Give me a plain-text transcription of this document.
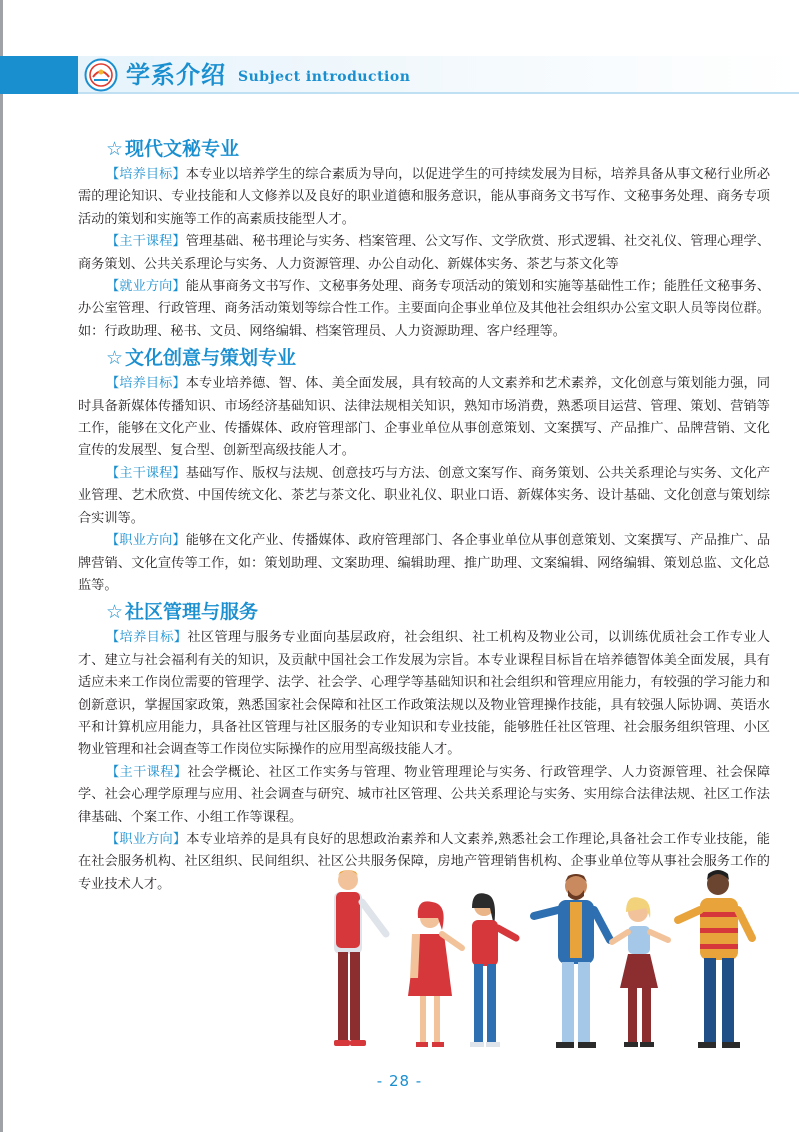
学系介绍 Subject introduction
☆ 现代文秘专业

【培养目标】本专业以培养学生的综合素质为导向，以促进学生的可持续发展为目标，培养具备从事文秘行业所必需的理论知识、专业技能和人文修养以及良好的职业道德和服务意识，能从事商务文书写作、文秘事务处理、商务专项活动的策划和实施等工作的高素质技能型人才。

【主干课程】管理基础、秘书理论与实务、档案管理、公文写作、文学欣赏、形式逻辑、社交礼仪、管理心理学、商务策划、公共关系理论与实务、人力资源管理、办公自动化、新媒体实务、茶艺与茶文化等

【就业方向】能从事商务文书写作、文秘事务处理、商务专项活动的策划和实施等基础性工作；能胜任文秘事务、办公室管理、行政管理、商务活动策划等综合性工作。主要面向企事业单位及其他社会组织办公室文职人员等岗位群。如：行政助理、秘书、文员、网络编辑、档案管理员、人力资源助理、客户经理等。

☆ 文化创意与策划专业

【培养目标】本专业培养德、智、体、美全面发展，具有较高的人文素养和艺术素养，文化创意与策划能力强，同时具备新媒体传播知识、市场经济基础知识、法律法规相关知识，熟知市场消费，熟悉项目运营、管理、策划、营销等工作，能够在文化产业、传播媒体、政府管理部门、企事业单位从事创意策划、文案撰写、产品推广、品牌营销、文化宣传的发展型、复合型、创新型高级技能人才。

【主干课程】基础写作、版权与法规、创意技巧与方法、创意文案写作、商务策划、公共关系理论与实务、文化产业管理、艺术欣赏、中国传统文化、茶艺与茶文化、职业礼仪、职业口语、新媒体实务、设计基础、文化创意与策划综合实训等。

【职业方向】能够在文化产业、传播媒体、政府管理部门、各企事业单位从事创意策划、文案撰写、产品推广、品牌营销、文化宣传等工作，如：策划助理、文案助理、编辑助理、推广助理、文案编辑、网络编辑、策划总监、文化总监等。

☆ 社区管理与服务

【培养目标】社区管理与服务专业面向基层政府，社会组织、社工机构及物业公司，以训练优质社会工作专业人才、建立与社会福利有关的知识，及贡献中国社会工作发展为宗旨。本专业课程目标旨在培养德智体美全面发展，具有适应未来工作岗位需要的管理学、法学、社会学、心理学等基础知识和社会组织和管理应用能力，有较强的学习能力和创新意识，掌握国家政策，熟悉国家社会保障和社区工作政策法规以及物业管理操作技能，具有较强人际协调、英语水平和计算机应用能力，具备社区管理与社区服务的专业知识和专业技能，能够胜任社区管理、社会服务组织管理、小区物业管理和社会调查等工作岗位实际操作的应用型高级技能人才。

【主干课程】社会学概论、社区工作实务与管理、物业管理理论与实务、行政管理学、人力资源管理、社会保障学、社会心理学原理与应用、社会调查与研究、城市社区管理、公共关系理论与实务、实用综合法律法规、社区工作法律基础、个案工作、小组工作等课程。

【职业方向】本专业培养的是具有良好的思想政治素养和人文素养,熟悉社会工作理论,具备社会工作专业技能，能在社会服务机构、社区组织、民间组织、社区公共服务保障，房地产管理销售机构、企事业单位等从事社会服务工作的专业技术人才。

- 28 -
